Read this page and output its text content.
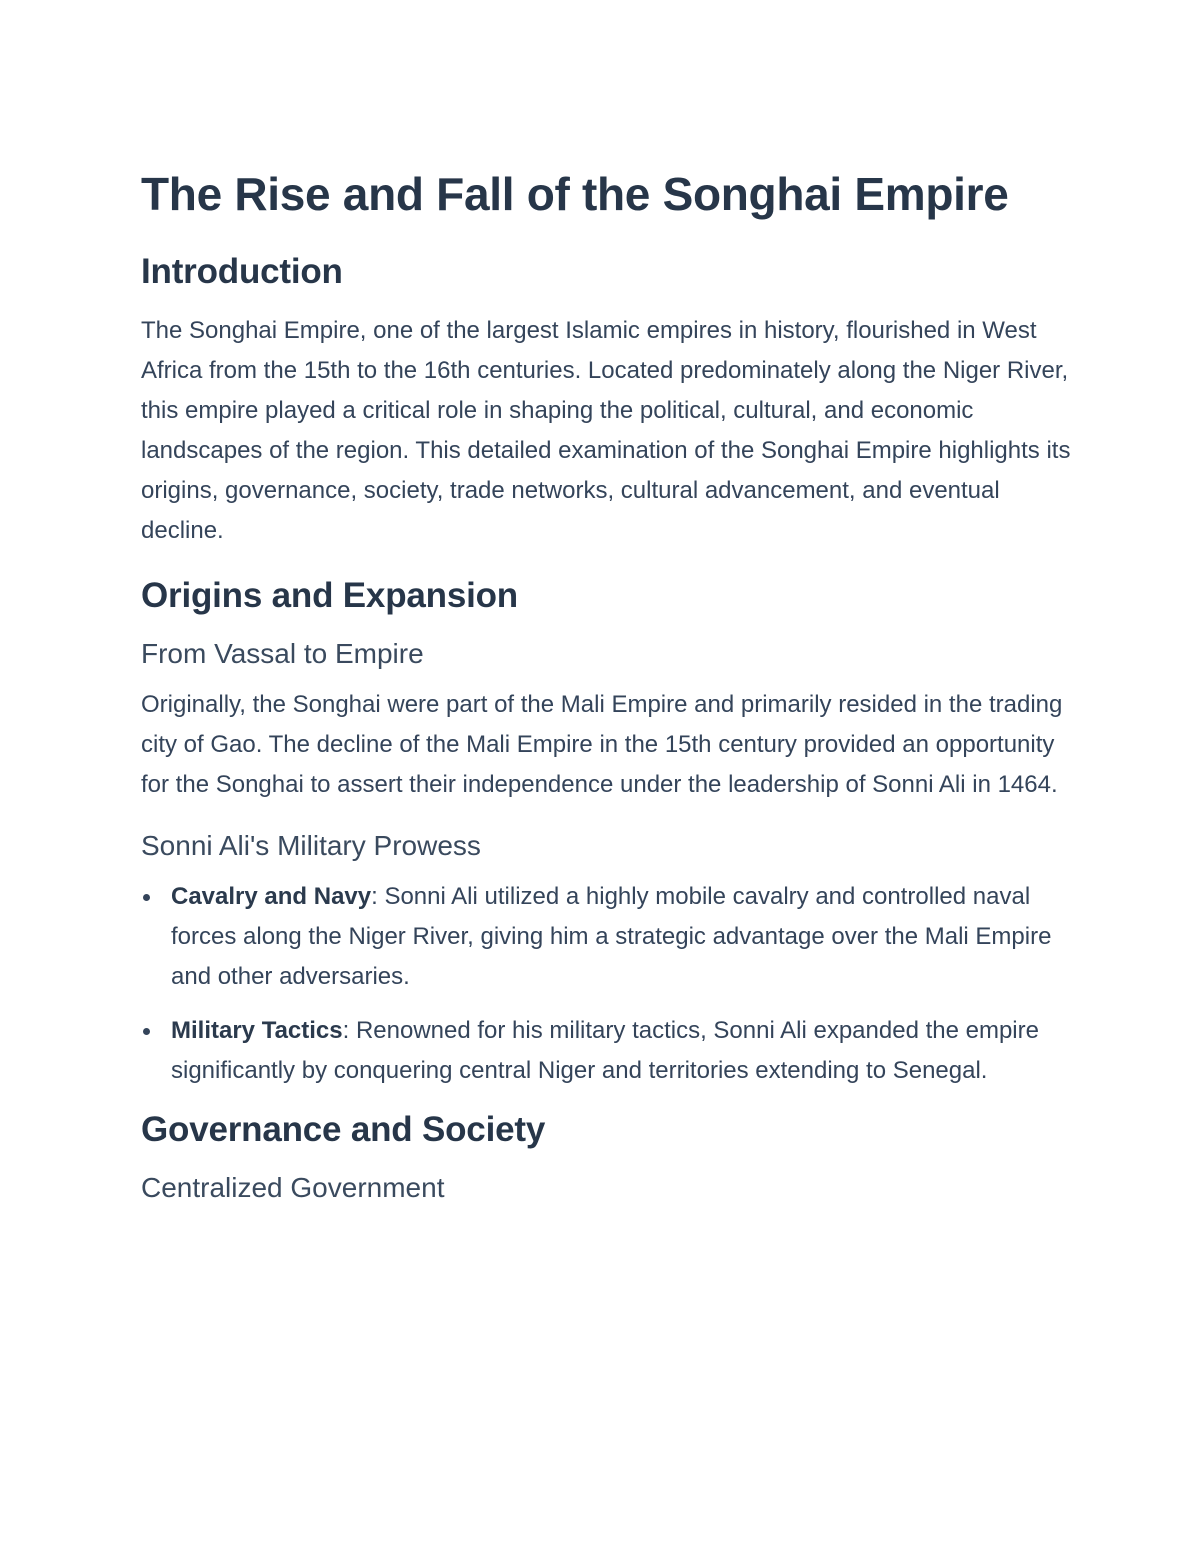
The Rise and Fall of the Songhai Empire
Introduction

The Songhai Empire, one of the largest Islamic empires in history, flourished in West Africa from the 15th to the 16th centuries. Located predominately along the Niger River, this empire played a critical role in shaping the political, cultural, and economic landscapes of the region. This detailed examination of the Songhai Empire highlights its origins, governance, society, trade networks, cultural advancement, and eventual decline.

Origins and Expansion
From Vassal to Empire

Originally, the Songhai were part of the Mali Empire and primarily resided in the trading city of Gao. The decline of the Mali Empire in the 15th century provided an opportunity for the Songhai to assert their independence under the leadership of Sonni Ali in 1464.

Sonni Ali's Military Prowess
Cavalry and Navy: Sonni Ali utilized a highly mobile cavalry and controlled naval forces along the Niger River, giving him a strategic advantage over the Mali Empire and other adversaries.
Military Tactics: Renowned for his military tactics, Sonni Ali expanded the empire significantly by conquering central Niger and territories extending to Senegal.
Governance and Society
Centralized Government
